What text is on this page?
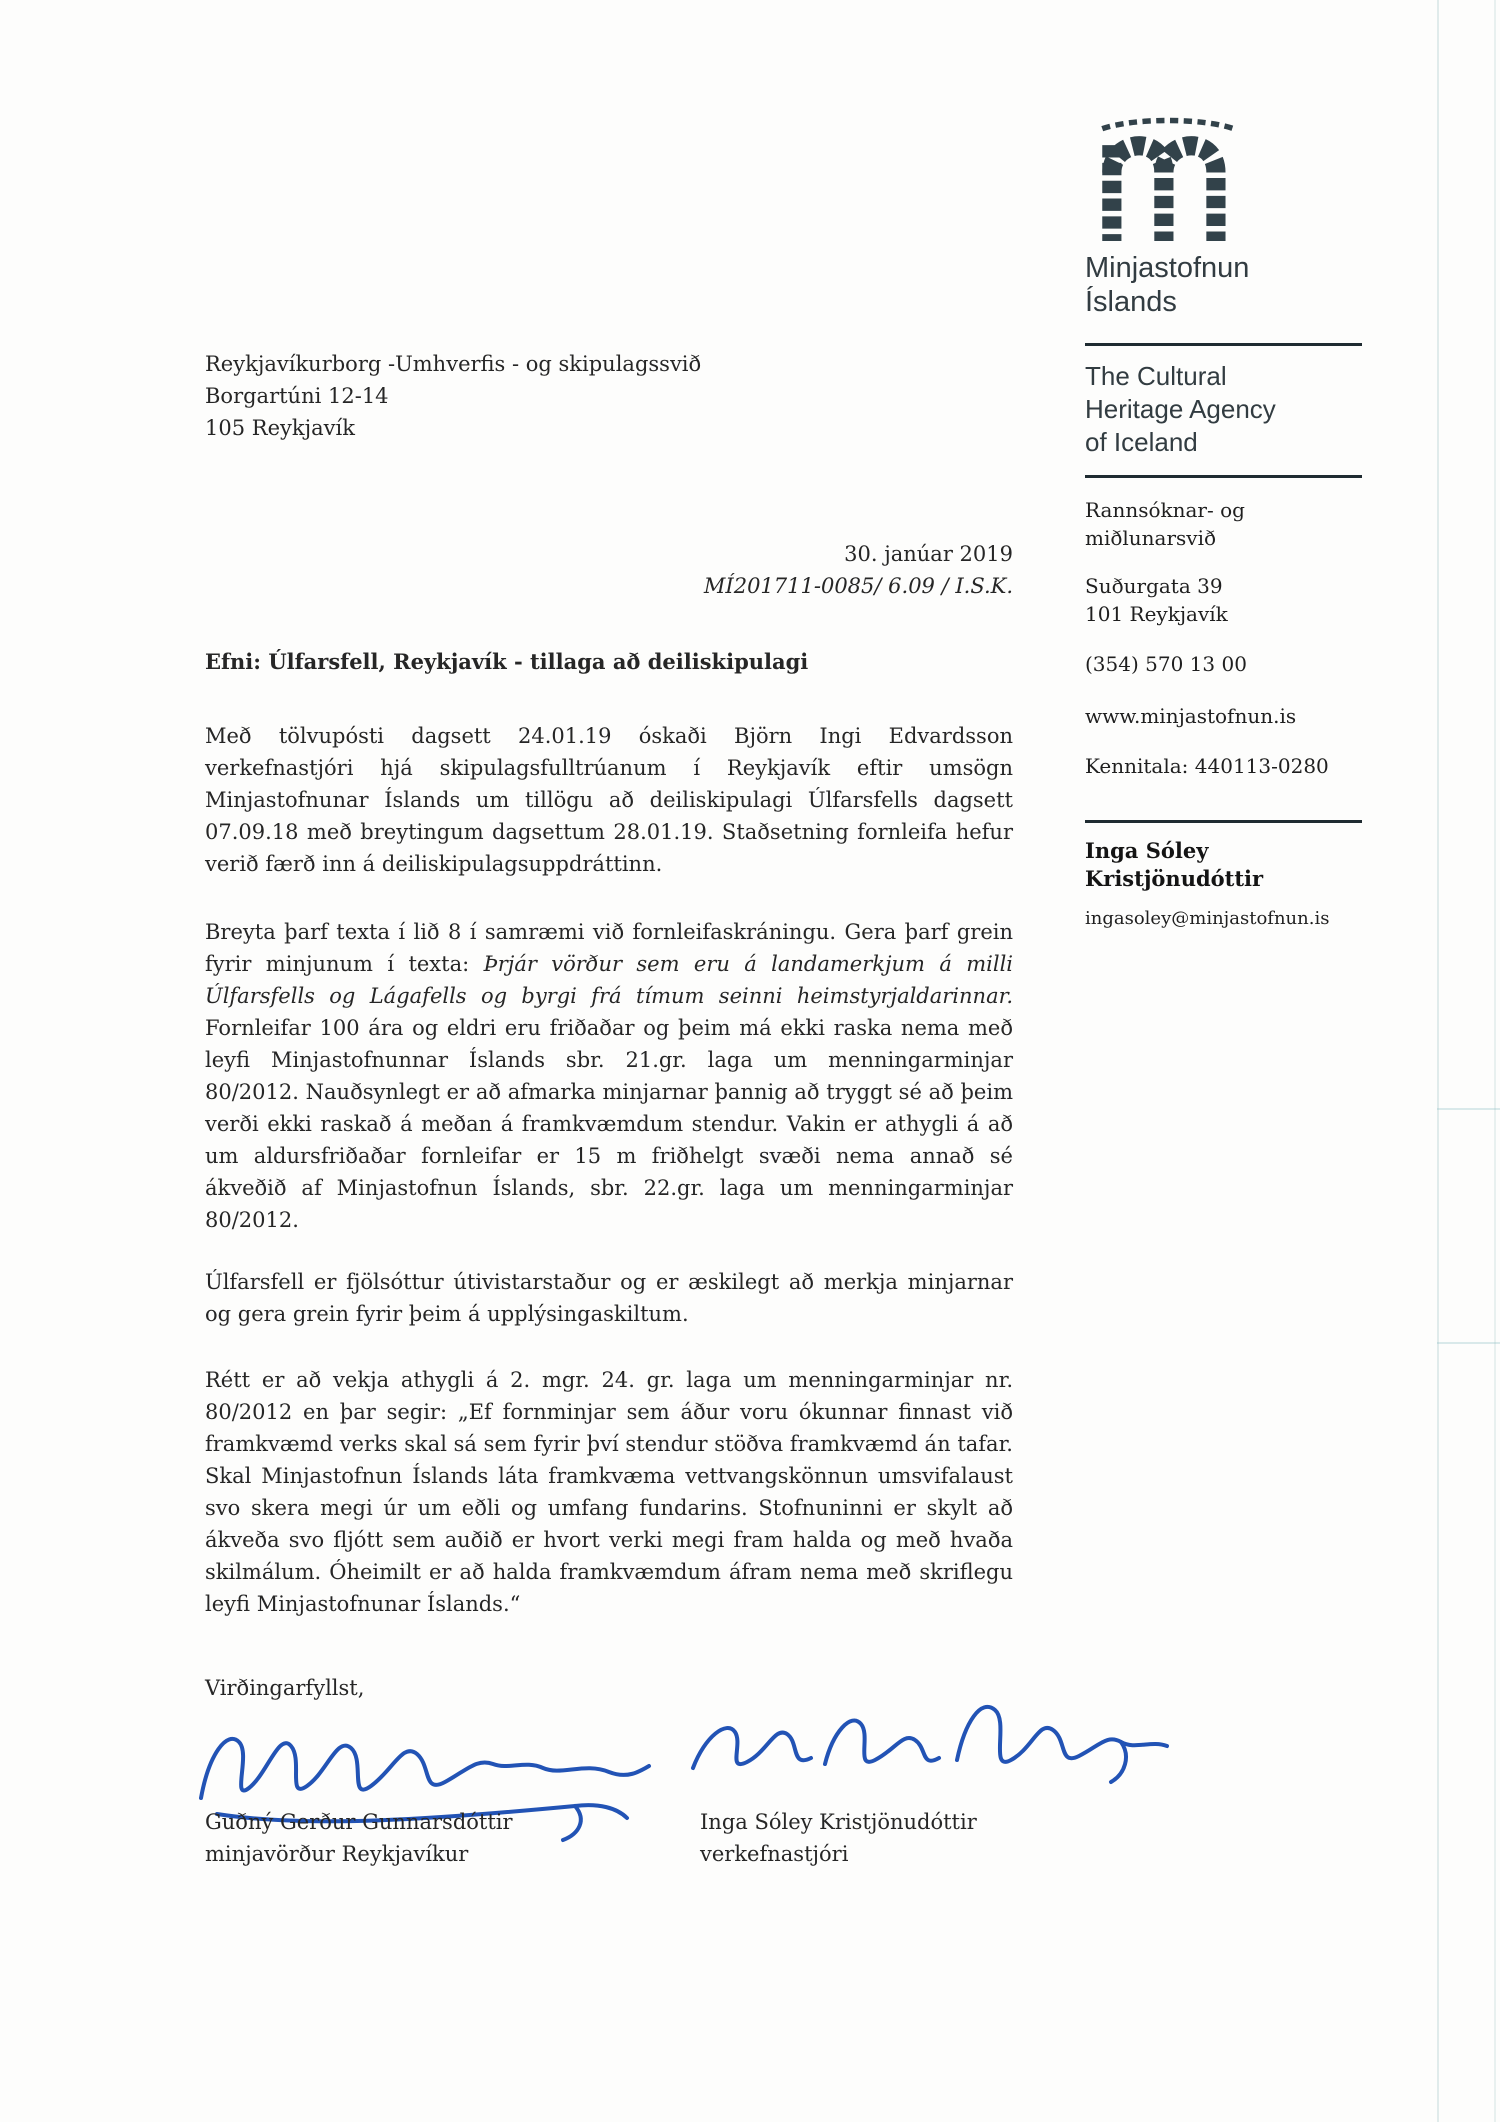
Minjastofnun
Íslands
The Cultural
Heritage Agency
of Iceland
Rannsóknar- og
miðlunarsvið
Suðurgata 39
101 Reykjavík
(354) 570 13 00
www.minjastofnun.is
Kennitala: 440113-0280
Inga Sóley
Kristjönudóttir
ingasoley@minjastofnun.is
Reykjavíkurborg -Umhverfis - og skipulagssvið
Borgartúni 12-14
105 Reykjavík
30. janúar 2019
MÍ201711-0085/ 6.09 / I.S.K.
Efni: Úlfarsfell, Reykjavík - tillaga að deiliskipulagi
Með tölvupósti dagsett 24.01.19 óskaði Björn Ingi Edvardsson verkefnastjóri hjá skipulagsfulltrúanum í Reykjavík eftir umsögn Minjastofnunar Íslands um tillögu að deiliskipulagi Úlfarsfells dagsett 07.09.18 með breytingum dagsettum 28.01.19. Staðsetning fornleifa hefur verið færð inn á deiliskipulagsuppdráttinn.
Breyta þarf texta í lið 8 í samræmi við fornleifaskráningu. Gera þarf grein fyrir minjunum í texta: Þrjár vörður sem eru á landamerkjum á milli Úlfarsfells og Lágafells og byrgi frá tímum seinni heimstyrjaldarinnar. Fornleifar 100 ára og eldri eru friðaðar og þeim má ekki raska nema með leyfi Minjastofnunnar Íslands sbr. 21.gr. laga um menningarminjar 80/2012. Nauðsynlegt er að afmarka minjarnar þannig að tryggt sé að þeim verði ekki raskað á meðan á framkvæmdum stendur. Vakin er athygli á að um aldursfriðaðar fornleifar er 15 m friðhelgt svæði nema annað sé ákveðið af Minjastofnun Íslands, sbr. 22.gr. laga um menningarminjar 80/2012.
Úlfarsfell er fjölsóttur útivistarstaður og er æskilegt að merkja minjarnar og gera grein fyrir þeim á upplýsingaskiltum.
Rétt er að vekja athygli á 2. mgr. 24. gr. laga um menningarminjar nr. 80/2012 en þar segir: „Ef fornminjar sem áður voru ókunnar finnast við framkvæmd verks skal sá sem fyrir því stendur stöðva framkvæmd án tafar. Skal Minjastofnun Íslands láta framkvæma vettvangskönnun umsvifalaust svo skera megi úr um eðli og umfang fundarins. Stofnuninni er skylt að ákveða svo fljótt sem auðið er hvort verki megi fram halda og með hvaða skilmálum. Óheimilt er að halda framkvæmdum áfram nema með skriflegu leyfi Minjastofnunar Íslands.“
Virðingarfyllst,
Guðný Gerður Gunnarsdóttir
minjavörður Reykjavíkur
Inga Sóley Kristjönudóttir
verkefnastjóri
